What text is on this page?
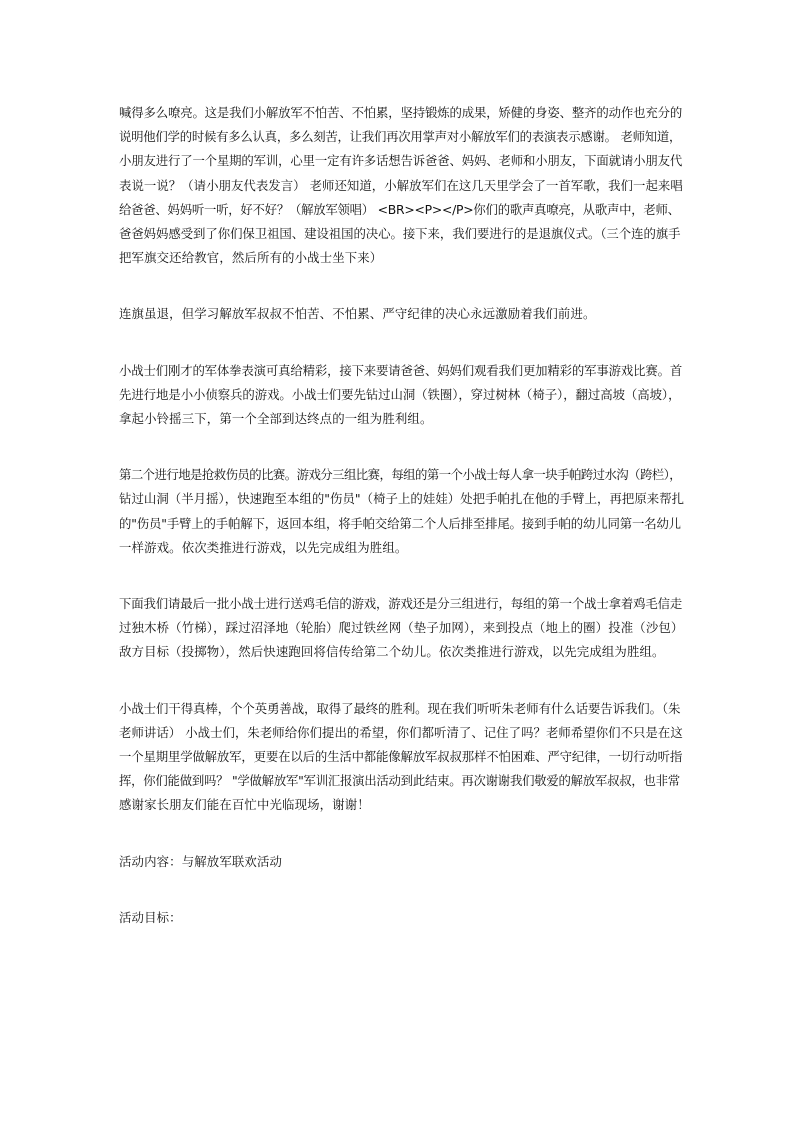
喊得多么嘹亮。这是我们小解放军不怕苦、不怕累，坚持锻炼的成果，矫健的身姿、整齐的动作也充分的
说明他们学的时候有多么认真，多么刻苦，让我们再次用掌声对小解放军们的表演表示感谢。 老师知道，
小朋友进行了一个星期的军训，心里一定有许多话想告诉爸爸、妈妈、老师和小朋友，下面就请小朋友代
表说一说？（请小朋友代表发言） 老师还知道，小解放军们在这几天里学会了一首军歌，我们一起来唱
给爸爸、妈妈听一听，好不好？（解放军领唱） <BR><P></P>你们的歌声真嘹亮，从歌声中，老师、
爸爸妈妈感受到了你们保卫祖国、建设祖国的决心。接下来，我们要进行的是退旗仪式。（三个连的旗手
把军旗交还给教官，然后所有的小战士坐下来）

连旗虽退，但学习解放军叔叔不怕苦、不怕累、严守纪律的决心永远激励着我们前进。

小战士们刚才的军体拳表演可真给精彩，接下来要请爸爸、妈妈们观看我们更加精彩的军事游戏比赛。首
先进行地是小小侦察兵的游戏。小战士们要先钻过山洞（铁圈），穿过树林（椅子），翻过高坡（高坡），
拿起小铃摇三下，第一个全部到达终点的一组为胜利组。

第二个进行地是抢救伤员的比赛。游戏分三组比赛，每组的第一个小战士每人拿一块手帕跨过水沟（跨栏），
钻过山洞（半月摇），快速跑至本组的"伤员"（椅子上的娃娃）处把手帕扎在他的手臂上，再把原来帮扎
的"伤员"手臂上的手帕解下，返回本组，将手帕交给第二个人后排至排尾。接到手帕的幼儿同第一名幼儿
一样游戏。依次类推进行游戏，以先完成组为胜组。

下面我们请最后一批小战士进行送鸡毛信的游戏，游戏还是分三组进行，每组的第一个战士拿着鸡毛信走
过独木桥（竹梯），踩过沼泽地（轮胎）爬过铁丝网（垫子加网），来到投点（地上的圈）投准（沙包）
敌方目标（投掷物），然后快速跑回将信传给第二个幼儿。依次类推进行游戏，以先完成组为胜组。

小战士们干得真棒，个个英勇善战，取得了最终的胜利。现在我们听听朱老师有什么话要告诉我们。（朱
老师讲话） 小战士们，朱老师给你们提出的希望，你们都听清了、记住了吗？老师希望你们不只是在这
一个星期里学做解放军，更要在以后的生活中都能像解放军叔叔那样不怕困难、严守纪律，一切行动听指
挥，你们能做到吗？ "学做解放军"军训汇报演出活动到此结束。再次谢谢我们敬爱的解放军叔叔，也非常
感谢家长朋友们能在百忙中光临现场，谢谢！

活动内容：与解放军联欢活动

活动目标：
